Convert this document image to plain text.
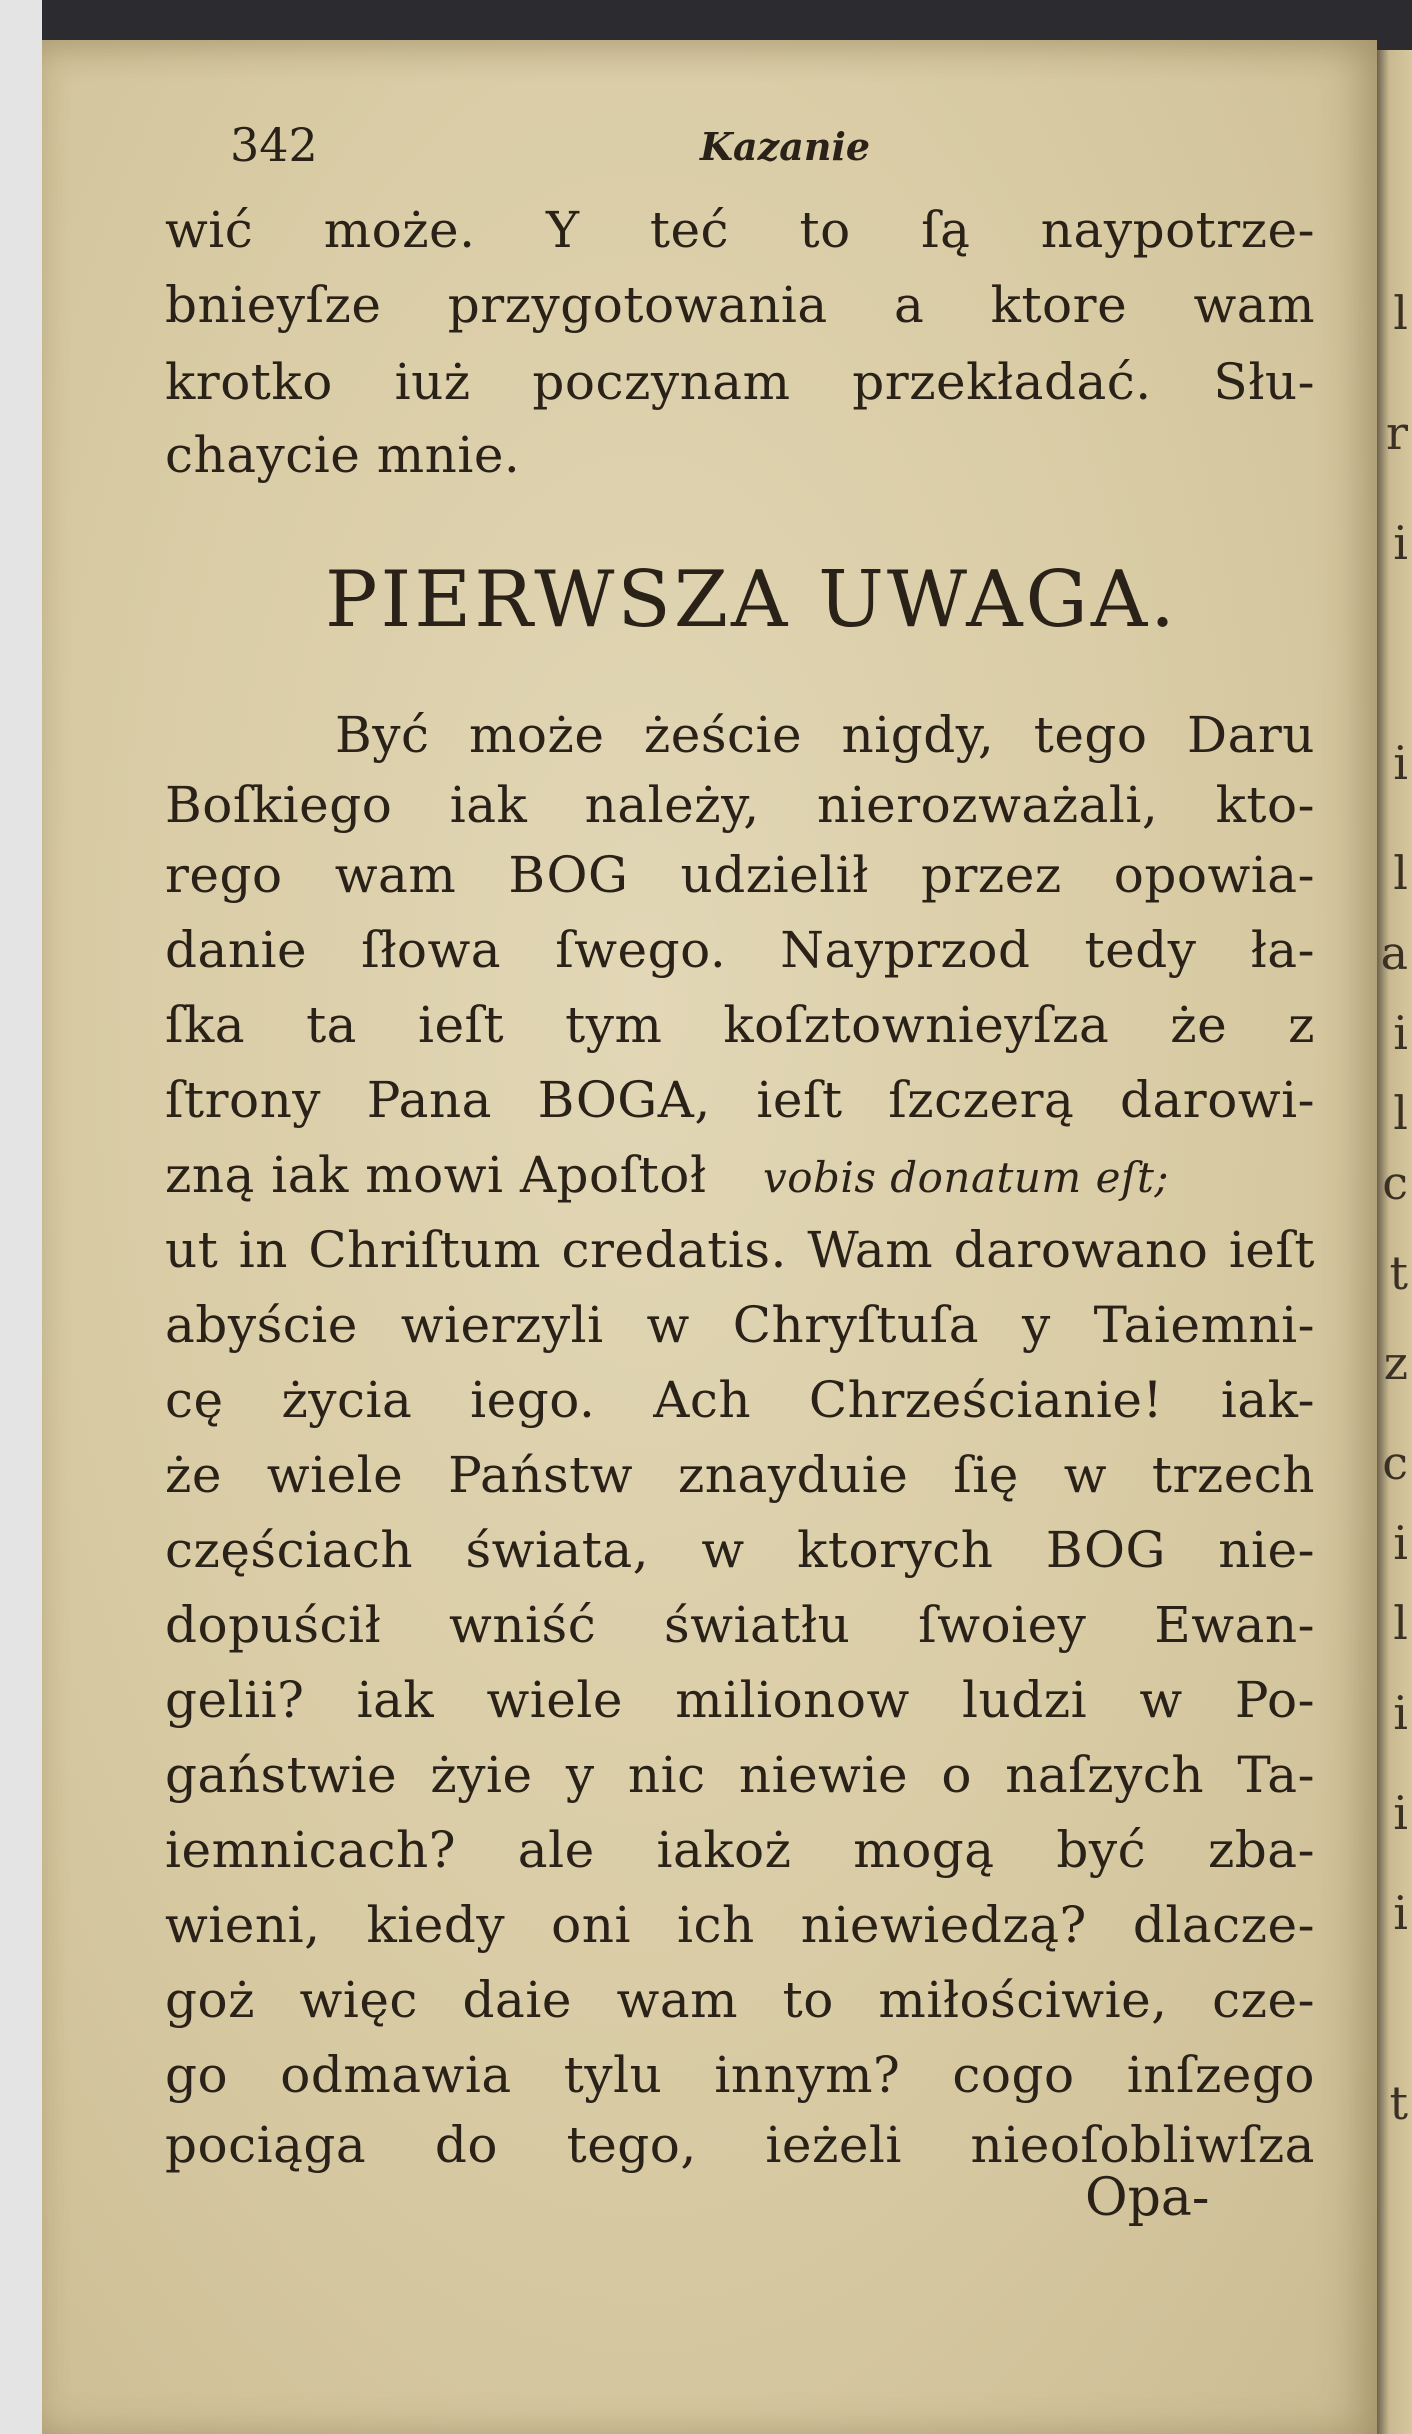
l
r
i
i
l
a
i
l
c
t
z
c
i
l
i
i
i
t
342	Kazanie
wić może. Y teć to ſą naypotrze-
bnieyſze przygotowania a ktore wam
krotko iuż poczynam przekładać. Słu-
chaycie mnie.
PIERWSZA UWAGA.
Być może żeście nigdy, tego Daru
Boſkiego iak należy, nierozważali, kto-
rego wam BOG udzielił przez opowia-
danie ſłowa ſwego. Nayprzod tedy ła-
ſka ta ieſt tym koſztownieyſza że z
ſtrony Pana BOGA, ieſt ſzczerą darowi-
zną iak mowi Apoſtoł vobis donatum eſt;
ut in Chriſtum credatis. Wam darowano ieſt
abyście wierzyli w Chryſtuſa y Taiemni-
cę życia iego. Ach Chrześcianie! iak-
że wiele Państw znayduie ſię w trzech
częściach świata, w ktorych BOG nie-
dopuścił wniść światłu ſwoiey Ewan-
gelii? iak wiele milionow ludzi w Po-
gaństwie żyie y nic niewie o naſzych Ta-
iemnicach? ale iakoż mogą być zba-
wieni, kiedy oni ich niewiedzą? dlacze-
goż więc daie wam to miłościwie, cze-
go odmawia tylu innym? cogo inſzego
pociąga do tego, ieżeli nieoſobliwſza
Opa-
